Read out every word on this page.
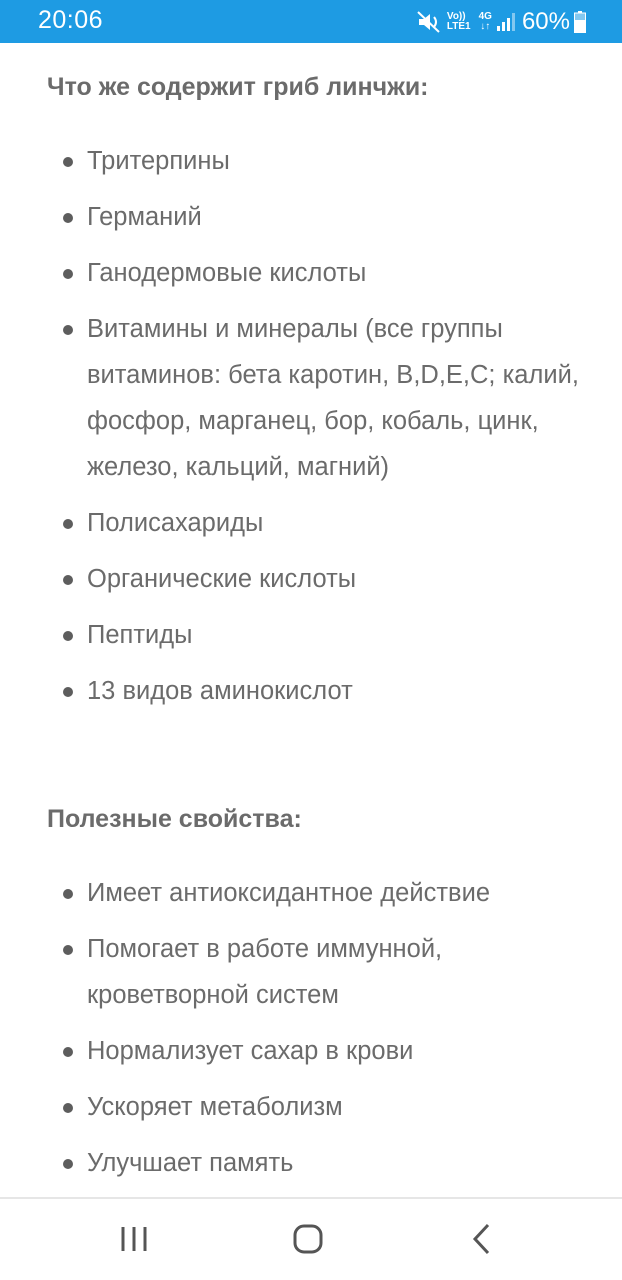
20:06	Vo))
LTE1
4G
↓↑ 60%
Что же содержит гриб линчжи:
Тритерпины
Германий
Ганодермовые кислоты
Витамины и минералы (все группы витаминов: бета каротин, B,D,E,C; калий, фосфор, марганец, бор, кобаль, цинк, железо, кальций, магний)
Полисахариды
Органические кислоты
Пептиды
13 видов аминокислот
Полезные свойства:
Имеет антиоксидантное действие
Помогает в работе иммунной, кроветворной систем
Нормализует сахар в крови
Ускоряет метаболизм
Улучшает память
